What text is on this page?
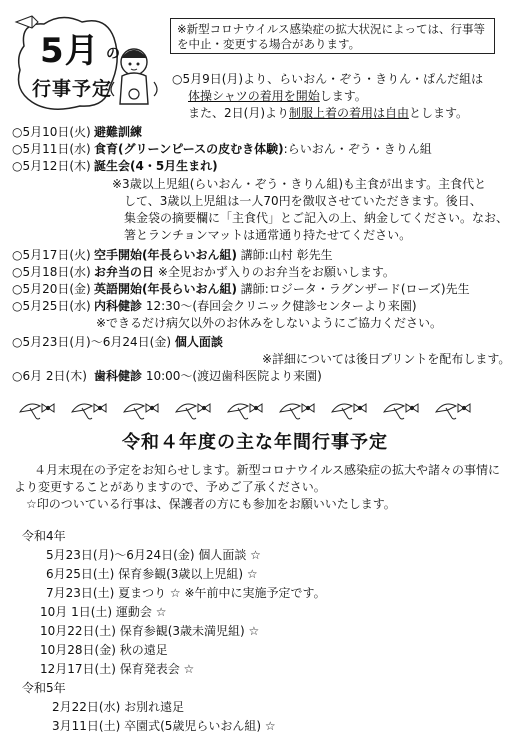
5月 の
行事予定
※新型コロナウイルス感染症の拡大状況によっては、行事等を中止・変更する場合があります。
○5月9日(月)より、らいおん・ぞう・きりん・ぱんだ組は
体操シャツの着用を開始します。
また、2日(月)より制服上着の着用は自由とします。
○5月10日(火) 避難訓練
○5月11日(水) 食育(グリーンピースの皮むき体験):らいおん・ぞう・きりん組
○5月12日(木) 誕生会(4・5月生まれ)
※3歳以上児組(らいおん・ぞう・きりん組)も主食が出ます。主食代と
して、3歳以上児組は一人70円を徴収させていただきます。後日、
集金袋の摘要欄に「主食代」とご記入の上、納金してください。なお、
箸とランチョンマットは通常通り持たせてください。
○5月17日(火) 空手開始(年長らいおん組) 講師:山村 彰先生
○5月18日(水) お弁当の日 ※全児おかず入りのお弁当をお願いします。
○5月20日(金) 英語開始(年長らいおん組) 講師:ロジータ・ラグンザード(ローズ)先生
○5月25日(水) 内科健診 12:30〜(春回会クリニック健診センターより来園)
※できるだけ病欠以外のお休みをしないようにご協力ください。
○5月23日(月)〜6月24日(金) 個人面談
※詳細については後日プリントを配布します。
○6月 2日(木) 歯科健診 10:00〜(渡辺歯科医院より来園)
令和４年度の主な年間行事予定
４月末現在の予定をお知らせします。新型コロナウイルス感染症の拡大や諸々の事情に
より変更することがありますので、予めご了承ください。
☆印のついている行事は、保護者の方にも参加をお願いいたします。
令和4年
5月23日(月)〜6月24日(金) 個人面談 ☆
6月25日(土) 保育参観(3歳以上児組) ☆
7月23日(土) 夏まつり ☆ ※午前中に実施予定です。
10月 1日(土) 運動会 ☆
10月22日(土) 保育参観(3歳未満児組) ☆
10月28日(金) 秋の遠足
12月17日(土) 保育発表会 ☆
令和5年
2月22日(水) お別れ遠足
3月11日(土) 卒園式(5歳児らいおん組) ☆
